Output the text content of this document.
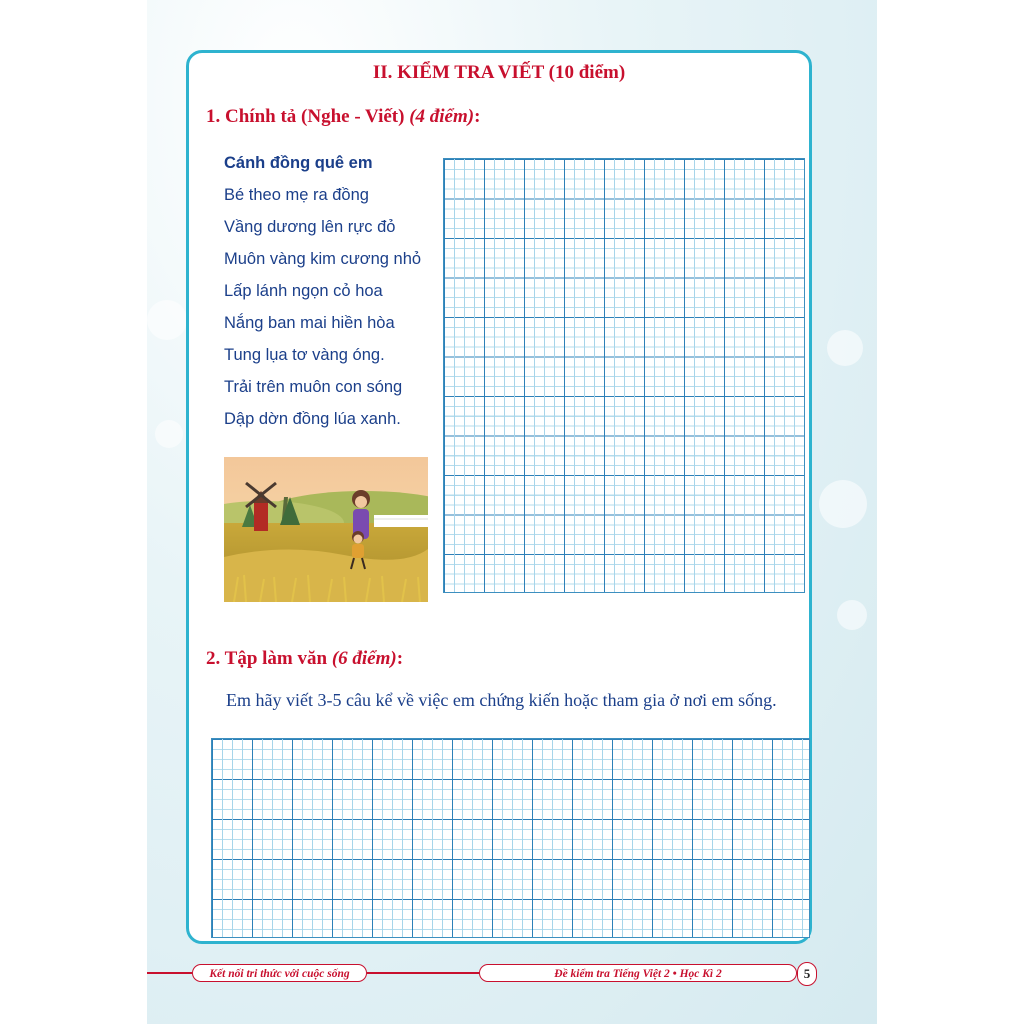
II. KIỂM TRA VIẾT (10 điểm)
1. Chính tả (Nghe - Viết) (4 điểm):
Cánh đồng quê em
Bé theo mẹ ra đồng
Vầng dương lên rực đỏ
Muôn vàng kim cương nhỏ
Lấp lánh ngọn cỏ hoa
Nắng ban mai hiền hòa
Tung lụa tơ vàng óng.
Trải trên muôn con sóng
Dập dờn đồng lúa xanh.
2. Tập làm văn (6 điểm):
Em hãy viết 3-5 câu kể về việc em chứng kiến hoặc tham gia ở nơi em sống.
Kết nối tri thức với cuộc sống	Đề kiểm tra Tiếng Việt 2 • Học Kì 2	5
